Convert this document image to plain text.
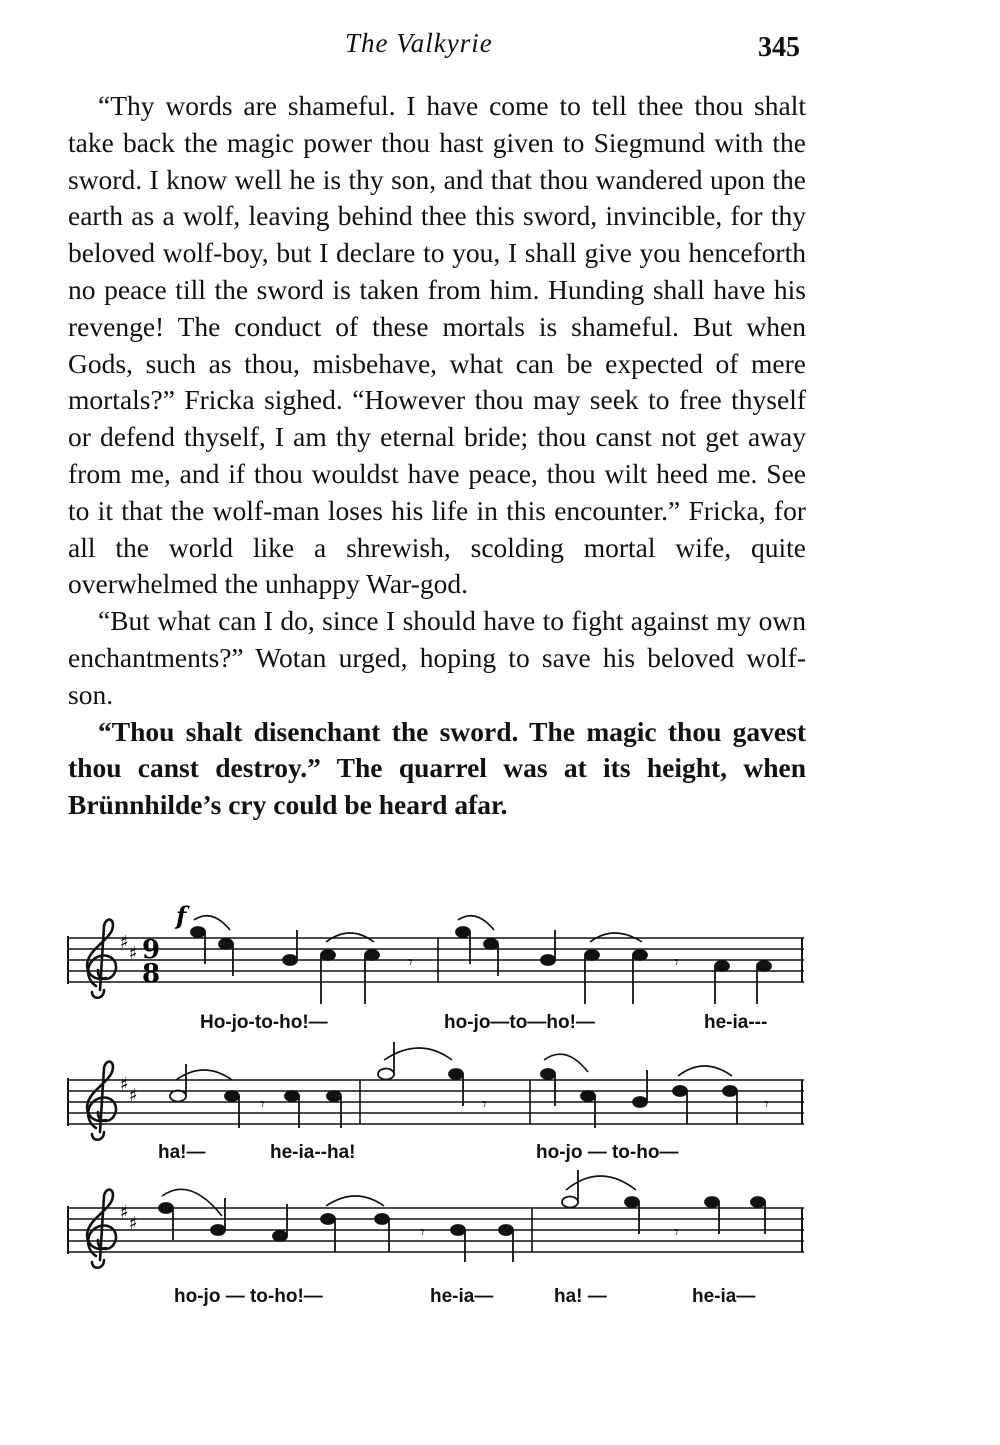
The Valkyrie	345

“Thy words are shameful. I have come to tell thee thou shalt take back the magic power thou hast given to Siegmund with the sword. I know well he is thy son, and that thou wandered upon the earth as a wolf, leaving behind thee this sword, invincible, for thy beloved wolf-boy, but I declare to you, I shall give you henceforth no peace till the sword is taken from him. Hunding shall have his revenge! The conduct of these mortals is shameful. But when Gods, such as thou, misbehave, what can be expected of mere mortals?” Fricka sighed. “However thou may seek to free thyself or defend thyself, I am thy eternal bride; thou canst not get away from me, and if thou wouldst have peace, thou wilt heed me. See to it that the wolf-man loses his life in this encounter.” Fricka, for all the world like a shrewish, scolding mortal wife, quite overwhelmed the unhappy War-god.

“But what can I do, since I should have to fight against my own enchantments?” Wotan urged, hoping to save his beloved wolf-son.

“Thou shalt disenchant the sword. The magic thou gavest thou canst destroy.” The quarrel was at its height, when Brünnhilde’s cry could be heard afar.

♯
♯ 9
8
f
𝄾	𝄾
♯
♯	𝄾	𝄾	𝄾
♯
♯	𝄾	𝄾
Ho-jo-to-ho!—	ho-jo—to—ho!—	he-ia---
ha!—	he-ia--ha!	ho-jo — to-ho—
ho-jo — to-ho!—	he-ia—	ha! —	he-ia—
